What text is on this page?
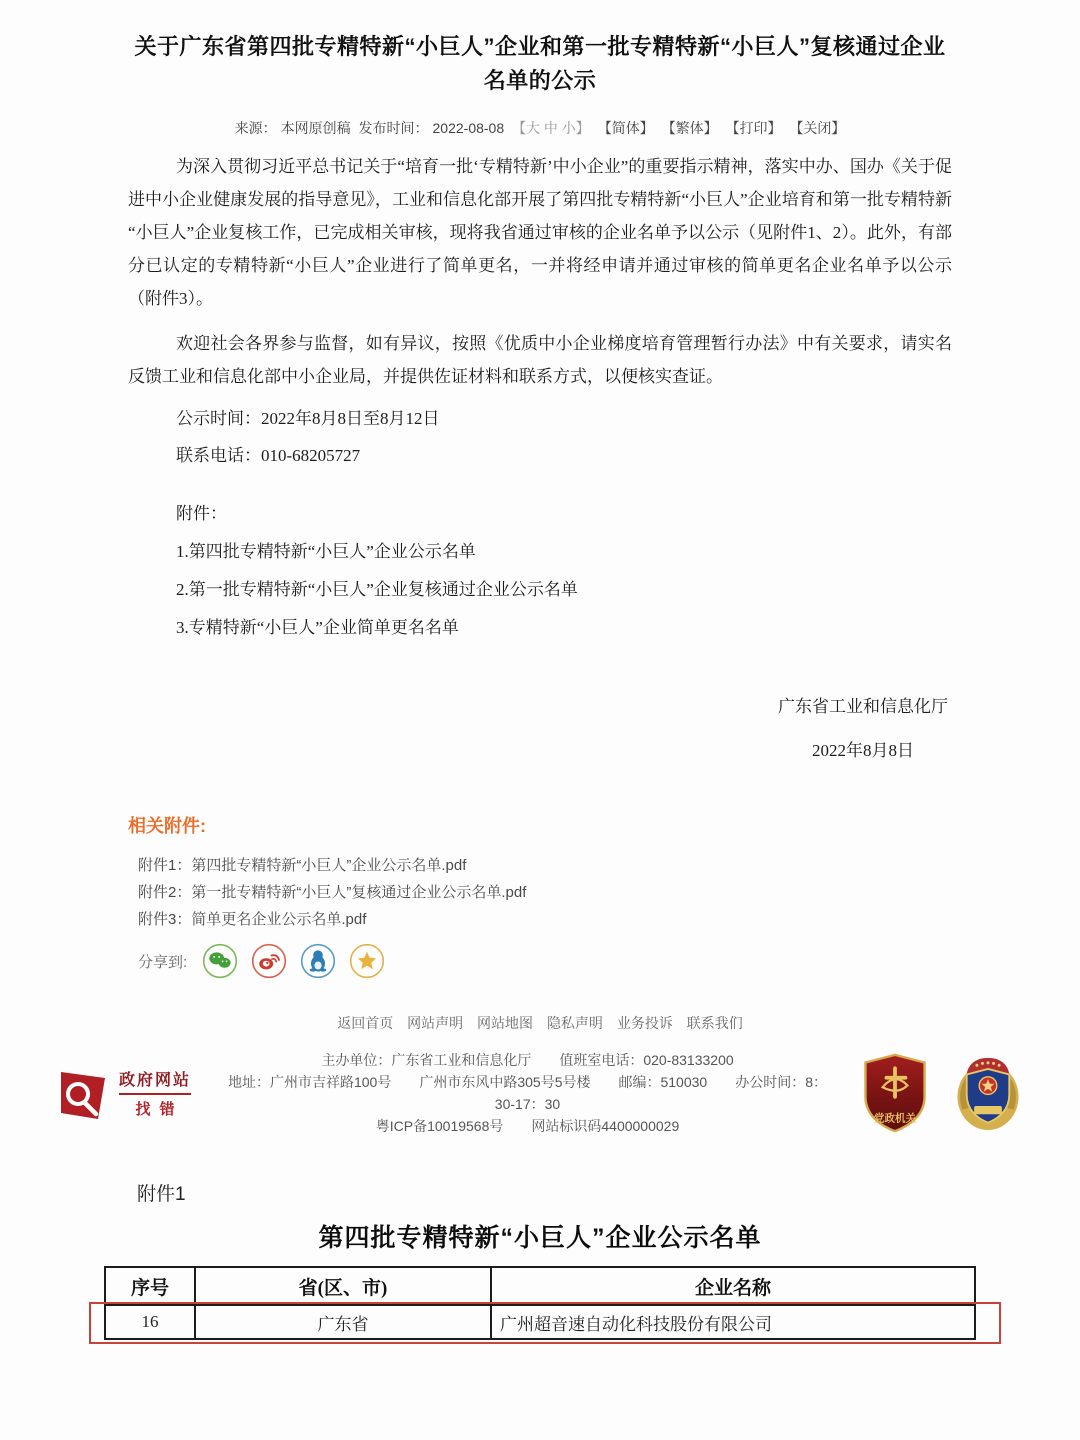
关于广东省第四批专精特新“小巨人”企业和第一批专精特新“小巨人”复核通过企业名单的公示
来源： 本网原创稿 发布时间： 2022-08-08 【大 中 小】 【简体】 【繁体】 【打印】 【关闭】

为深入贯彻习近平总书记关于“培育一批‘专精特新’中小企业”的重要指示精神，落实中办、国办《关于促进中小企业健康发展的指导意见》，工业和信息化部开展了第四批专精特新“小巨人”企业培育和第一批专精特新“小巨人”企业复核工作，已完成相关审核，现将我省通过审核的企业名单予以公示（见附件1、2）。此外，有部分已认定的专精特新“小巨人”企业进行了简单更名，一并将经申请并通过审核的简单更名企业名单予以公示（附件3）。

欢迎社会各界参与监督，如有异议，按照《优质中小企业梯度培育管理暂行办法》中有关要求，请实名反馈工业和信息化部中小企业局，并提供佐证材料和联系方式，以便核实查证。

公示时间：2022年8月8日至8月12日

联系电话：010-68205727

附件：

1.第四批专精特新“小巨人”企业公示名单

2.第一批专精特新“小巨人”企业复核通过企业公示名单

3.专精特新“小巨人”企业简单更名名单

广东省工业和信息化厅
2022年8月8日
相关附件:
附件1：第四批专精特新“小巨人”企业公示名单.pdf
附件2：第一批专精特新“小巨人”复核通过企业公示名单.pdf
附件3：简单更名企业公示名单.pdf
分享到:
返回首页 网站声明 网站地图 隐私声明 业务投诉 联系我们
政府网站
找错
主办单位：广东省工业和信息化厅　　值班室电话：020-83133200
地址：广州市吉祥路100号　　广州市东风中路305号5号楼　　邮编：510030　　办公时间：8：30-17：30
粤ICP备10019568号　　网站标识码4400000029	党政机关
附件1
第四批专精特新“小巨人”企业公示名单
序号	省(区、市)	企业名称
16	广东省	广州超音速自动化科技股份有限公司
